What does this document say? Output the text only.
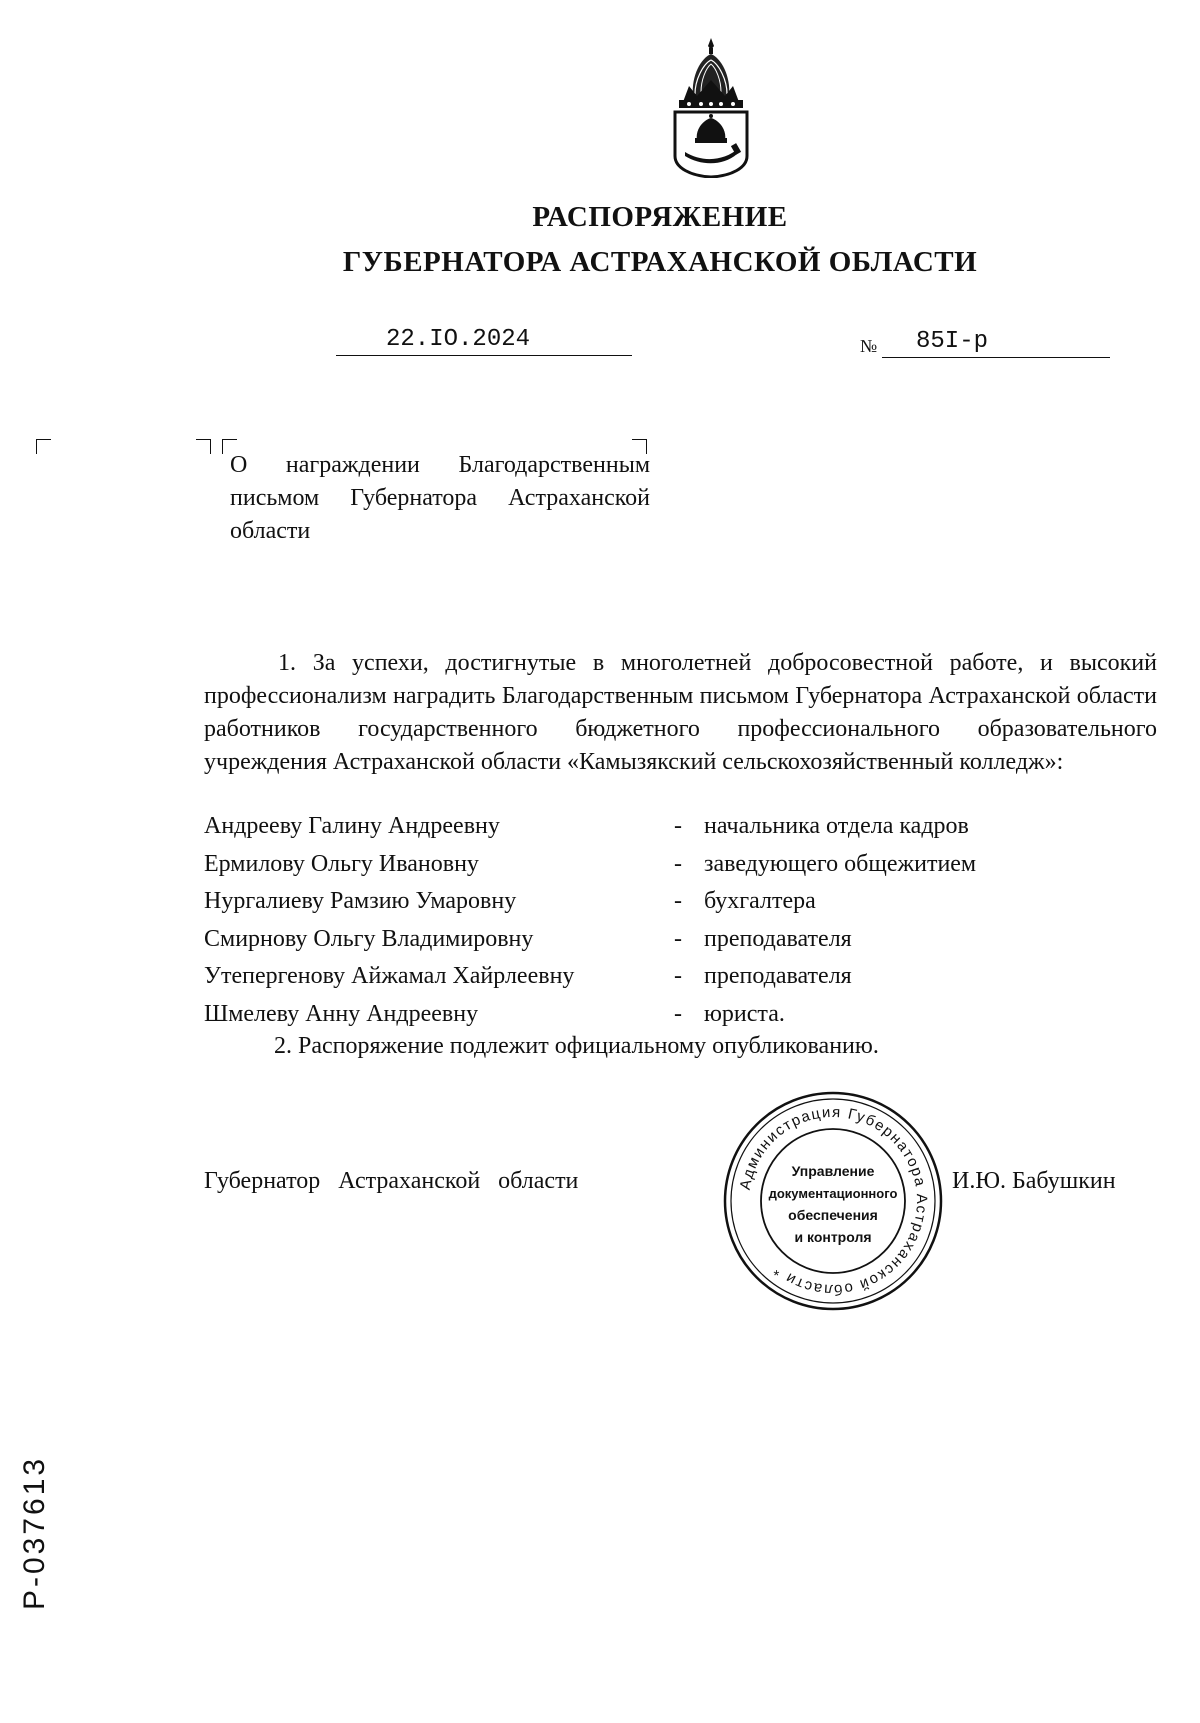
РАСПОРЯЖЕНИЕ
ГУБЕРНАТОРА АСТРАХАНСКОЙ ОБЛАСТИ
22.IO.2024	№ 85I-р
О награждении Благодарственным письмом Губернатора Астраханской области
1. За успехи, достигнутые в многолетней добросовестной работе, и высокий профессионализм наградить Благодарственным письмом Губернатора Астраханской области работников государственного бюджетного профессионального образовательного учреждения Астраханской области «Камызякский сельскохозяйственный колледж»:
Андрееву Галину Андреевну	- начальника отдела кадров
Ермилову Ольгу Ивановну	- заведующего общежитием
Нургалиеву Рамзию Умаровну	- бухгалтера
Смирнову Ольгу Владимировну	- преподавателя
Утепергенову Айжамал Хайрлеевну	- преподавателя
Шмелеву Анну Андреевну	- юриста.
2. Распоряжение подлежит официальному опубликованию.
Губернатор Астраханской области	И.Ю. Бабушкин
Администрация Губернатора Астраханской области *
Управление
документационного
обеспечения
и контроля
Р-037613
